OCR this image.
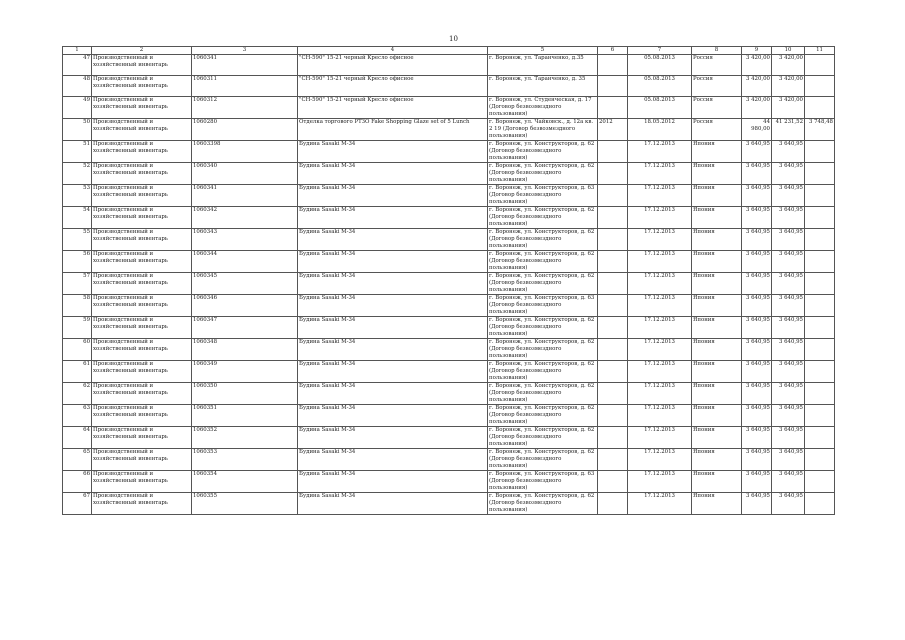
10
1	2	3	4	5	6	7	8	9	10	11
47	Производственный и хозяйственный инвентарь	1060341	"CH-590" 15-21 черный Кресло офисное	г. Воронеж, ул. Таранченко, д.35		05.08.2013	Россия	3 420,00	3 420,00	
48	Производственный и хозяйственный инвентарь	1060311	"CH-590" 15-21 черный Кресло офисное	г. Воронеж, ул. Таранченко, д. 35		05.08.2013	Россия	3 420,00	3 420,00	
49	Производственный и хозяйственный инвентарь	1060312	"CH-590" 15-21 черный Кресло офисное	г. Воронеж, ул. Студенческая, д. 17 (Договор безвозмездного пользования)		05.08.2013	Россия	3 420,00	3 420,00	
50	Производственный и хозяйственный инвентарь	1060280	Отделка торгового РТЗО Fake Shopping Glaze set of 5 Lunch	г. Воронеж, ул. Чайковск., д. 12а кв. 2 19 (Договор безвозмездного пользования)	2012	18.05.2012	Россия	44 980,00	41 231,52	3 748,48
51	Производственный и хозяйственный инвентарь	10603398	Будина Sasaki M-34	г. Воронеж, ул. Конструкторов, д. 62 (Договор безвозмездного пользования)		17.12.2013	Япония	3 640,95	3 640,95	
52	Производственный и хозяйственный инвентарь	1060340	Будина Sasaki M-34	г. Воронеж, ул. Конструкторов, д. 62 (Договор безвозмездного пользования)		17.12.2013	Япония	3 640,95	3 640,95	
53	Производственный и хозяйственный инвентарь	1060341	Будина Sasaki M-34	г. Воронеж, ул. Конструкторов, д. 63 (Договор безвозмездного пользования)		17.12.2013	Япония	3 640,95	3 640,95	
54	Производственный и хозяйственный инвентарь	1060342	Будина Sasaki M-34	г. Воронеж, ул. Конструкторов, д. 62 (Договор безвозмездного пользования)		17.12.2013	Япония	3 640,95	3 640,95	
55	Производственный и хозяйственный инвентарь	1060343	Будина Sasaki M-34	г. Воронеж, ул. Конструкторов, д. 62 (Договор безвозмездного пользования)		17.12.2013	Япония	3 640,95	3 640,95	
56	Производственный и хозяйственный инвентарь	1060344	Будина Sasaki M-34	г. Воронеж, ул. Конструкторов, д. 62 (Договор безвозмездного пользования)		17.12.2013	Япония	3 640,95	3 640,95	
57	Производственный и хозяйственный инвентарь	1060345	Будина Sasaki M-34	г. Воронеж, ул. Конструкторов, д. 62 (Договор безвозмездного пользования)		17.12.2013	Япония	3 640,95	3 640,95	
58	Производственный и хозяйственный инвентарь	1060346	Будина Sasaki M-34	г. Воронеж, ул. Конструкторов, д. 63 (Договор безвозмездного пользования)		17.12.2013	Япония	3 640,95	3 640,95	
59	Производственный и хозяйственный инвентарь	1060347	Будина Sasaki M-34	г. Воронеж, ул. Конструкторов, д. 62 (Договор безвозмездного пользования)		17.12.2013	Япония	3 640,95	3 640,95	
60	Производственный и хозяйственный инвентарь	1060348	Будина Sasaki M-34	г. Воронеж, ул. Конструкторов, д. 62 (Договор безвозмездного пользования)		17.12.2013	Япония	3 640,95	3 640,95	
61	Производственный и хозяйственный инвентарь	1060349	Будина Sasaki M-34	г. Воронеж, ул. Конструкторов, д. 62 (Договор безвозмездного пользования)		17.12.2013	Япония	3 640,95	3 640,95	
62	Производственный и хозяйственный инвентарь	1060350	Будина Sasaki M-34	г. Воронеж, ул. Конструкторов, д. 62 (Договор безвозмездного пользования)		17.12.2013	Япония	3 640,95	3 640,95	
63	Производственный и хозяйственный инвентарь	1060351	Будина Sasaki M-34	г. Воронеж, ул. Конструкторов, д. 62 (Договор безвозмездного пользования)		17.12.2013	Япония	3 640,95	3 640,95	
64	Производственный и хозяйственный инвентарь	1060352	Будина Sasaki M-34	г. Воронеж, ул. Конструкторов, д. 62 (Договор безвозмездного пользования)		17.12.2013	Япония	3 640,95	3 640,95	
65	Производственный и хозяйственный инвентарь	1060353	Будина Sasaki M-34	г. Воронеж, ул. Конструкторов, д. 62 (Договор безвозмездного пользования)		17.12.2013	Япония	3 640,95	3 640,95	
66	Производственный и хозяйственный инвентарь	1060354	Будина Sasaki M-34	г. Воронеж, ул. Конструкторов, д. 63 (Договор безвозмездного пользования)		17.12.2013	Япония	3 640,95	3 640,95	
67	Производственный и хозяйственный инвентарь	1060355	Будина Sasaki M-34	г. Воронеж, ул. Конструкторов, д. 62 (Договор безвозмездного пользования)		17.12.2013	Япония	3 640,95	3 640,95	
